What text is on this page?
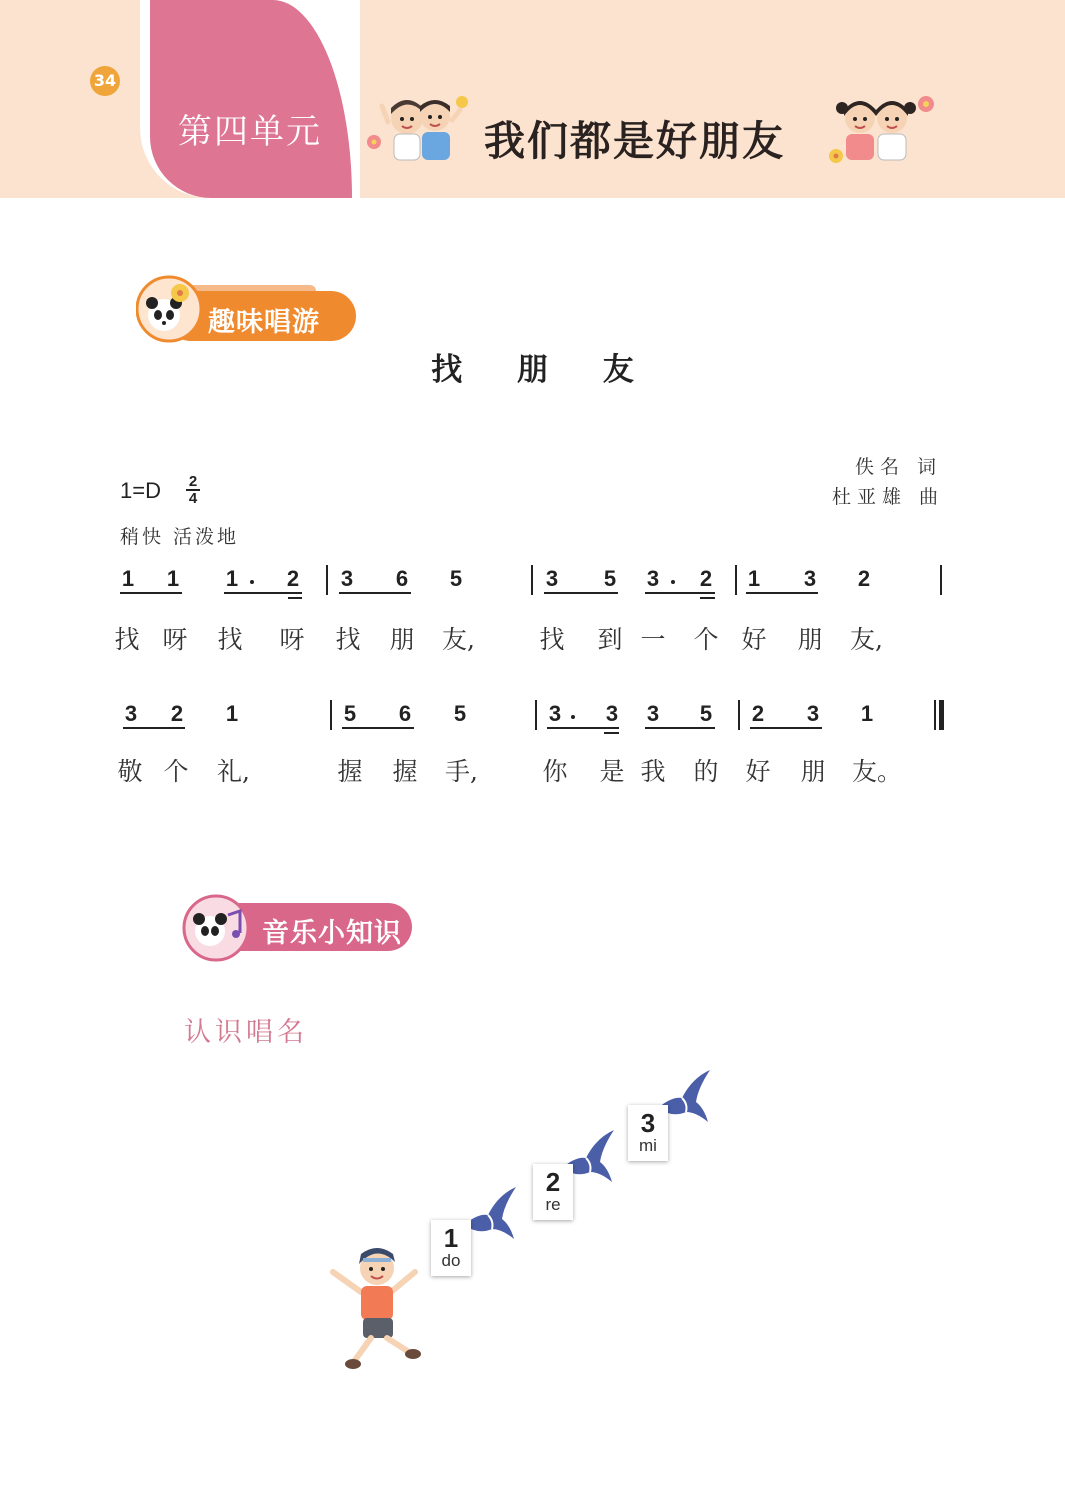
34
第四单元	我们都是好朋友
趣味唱游
找 朋 友
佚名 词
杜亚雄 曲
1=D 2
4
稍快 活泼地
1 1 1 2 3 6 5	3 5 3 2 1 3 2
找 呀 找 呀 找 朋 友,	找 到 一 个 好 朋 友,
3 2 1	5 6 5	3 3 3 5 2 3 1
敬 个 礼,	握 握 手,	你 是 我 的 好 朋 友。
音乐小知识
认识唱名
1
do
2
re
3
mi
